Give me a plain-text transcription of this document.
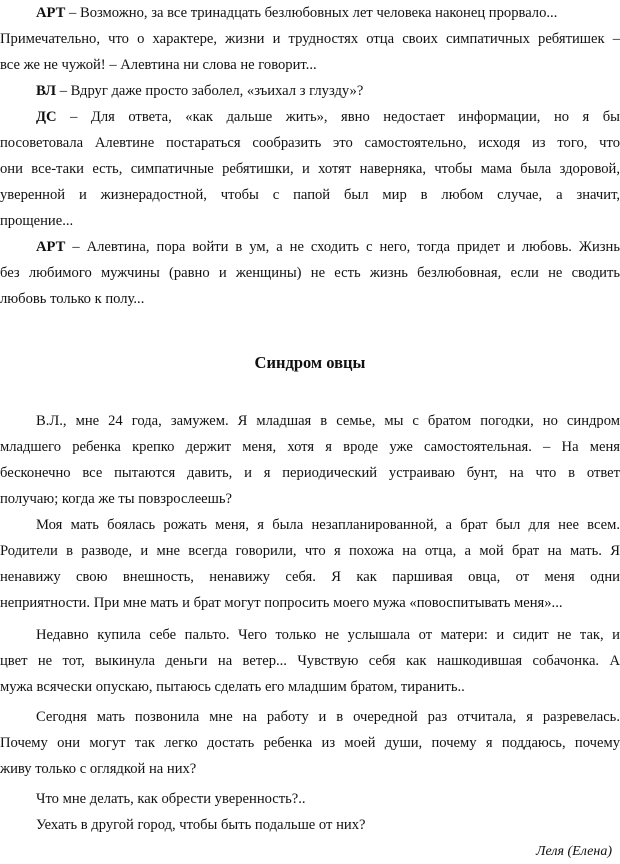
АРТ – Возможно, за все тринадцать безлюбовных лет человека наконец прорвало...
Примечательно, что о характере, жизни и трудностях отца своих симпатичных ребятишек –
все же не чужой! – Алевтина ни слова не говорит...
ВЛ – Вдруг даже просто заболел, «зъихал з глузду»?
ДС – Для ответа, «как дальше жить», явно недостает информации, но я бы
посоветовала Алевтине постараться сообразить это самостоятельно, исходя из того, что
они все-таки есть, симпатичные ребятишки, и хотят наверняка, чтобы мама была здоровой,
уверенной и жизнерадостной, чтобы с папой был мир в любом случае, а значит,
прощение...
АРТ – Алевтина, пора войти в ум, а не сходить с него, тогда придет и любовь. Жизнь
без любимого мужчины (равно и женщины) не есть жизнь безлюбовная, если не сводить
любовь только к полу...
Синдром овцы
В.Л., мне 24 года, замужем. Я младшая в семье, мы с братом погодки, но синдром
младшего ребенка крепко держит меня, хотя я вроде уже самостоятельная. – На меня
бесконечно все пытаются давить, и я периодический устраиваю бунт, на что в ответ
получаю; когда же ты повзрослеешь?
Моя мать боялась рожать меня, я была незапланированной, а брат был для нее всем.
Родители в разводе, и мне всегда говорили, что я похожа на отца, а мой брат на мать. Я
ненавижу свою внешность, ненавижу себя. Я как паршивая овца, от меня одни
неприятности. При мне мать и брат могут попросить моего мужа «повоспитывать меня»...
Недавно купила себе пальто. Чего только не услышала от матери: и сидит не так, и
цвет не тот, выкинула деньги на ветер... Чувствую себя как нашкодившая собачонка. А
мужа всячески опускаю, пытаюсь сделать его младшим братом, тиранить..
Сегодня мать позвонила мне на работу и в очередной раз отчитала, я разревелась.
Почему они могут так легко достать ребенка из моей души, почему я поддаюсь, почему
живу только с оглядкой на них?
Что мне делать, как обрести уверенность?..
Уехать в другой город, чтобы быть подальше от них?
Леля (Елена)
